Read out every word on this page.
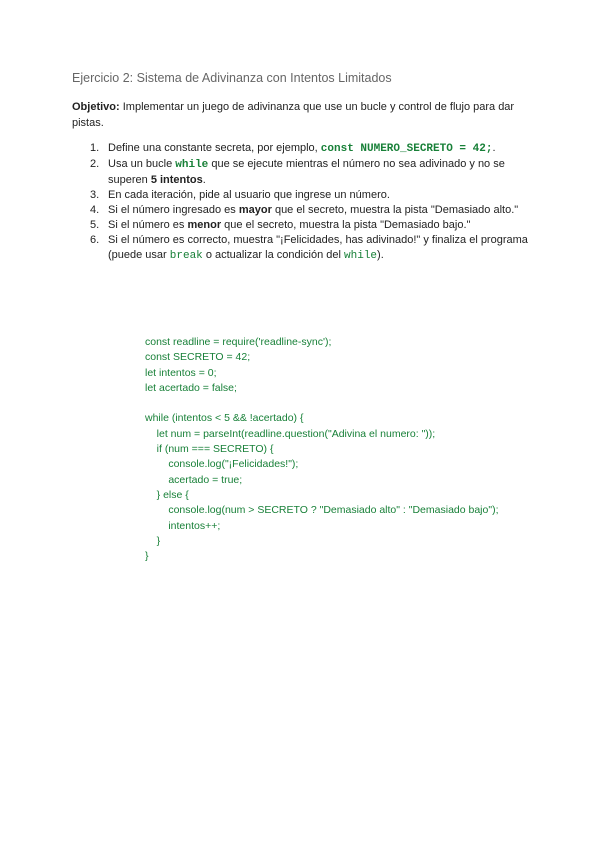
Ejercicio 2: Sistema de Adivinanza con Intentos Limitados
Objetivo: Implementar un juego de adivinanza que use un bucle y control de flujo para dar pistas.
1. Define una constante secreta, por ejemplo, const NUMERO_SECRETO = 42;.
2. Usa un bucle while que se ejecute mientras el número no sea adivinado y no se superen 5 intentos.
3. En cada iteración, pide al usuario que ingrese un número.
4. Si el número ingresado es mayor que el secreto, muestra la pista "Demasiado alto."
5. Si el número es menor que el secreto, muestra la pista "Demasiado bajo."
6. Si el número es correcto, muestra "¡Felicidades, has adivinado!" y finaliza el programa (puede usar break o actualizar la condición del while).
const readline = require('readline-sync');
const SECRETO = 42;
let intentos = 0;
let acertado = false;
while (intentos < 5 && !acertado) {
let num = parseInt(readline.question("Adivina el numero: "));
if (num === SECRETO) {
console.log("¡Felicidades!");
acertado = true;
} else {
console.log(num > SECRETO ? "Demasiado alto" : "Demasiado bajo");
intentos++;
}
}
